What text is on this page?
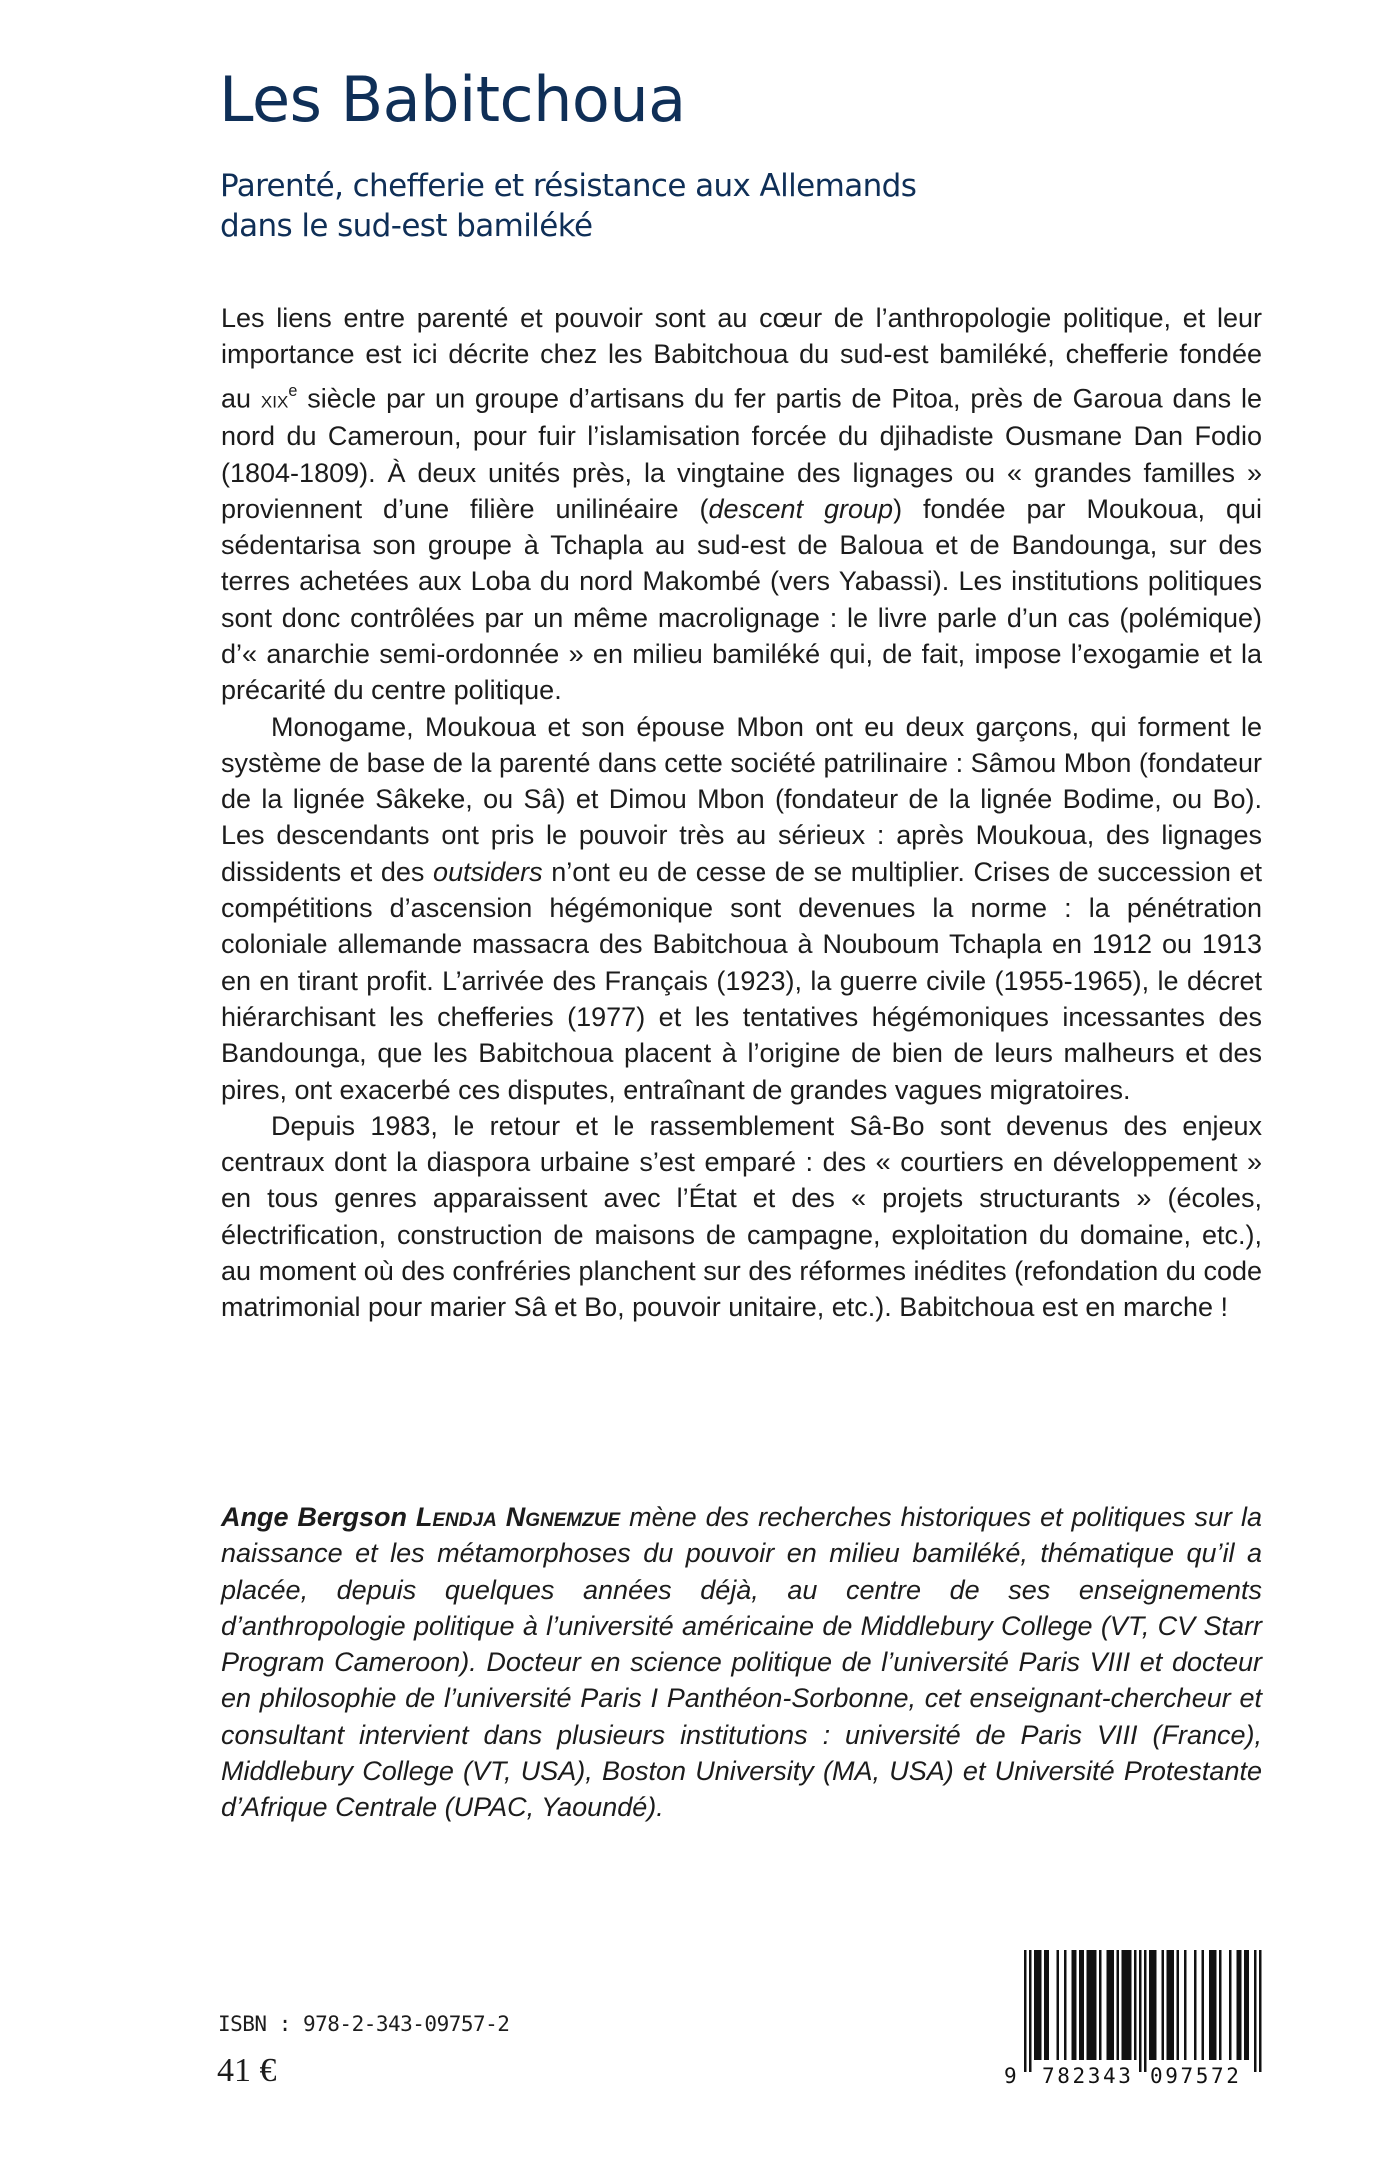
Les Babitchoua
Parenté, chefferie et résistance aux Allemands
dans le sud-est bamiléké

Les liens entre parenté et pouvoir sont au cœur de l’anthropologie politique, et leur importance est ici décrite chez les Babitchoua du sud-est bamiléké, chefferie fondée au xix$^e$ siècle par un groupe d’artisans du fer partis de Pitoa, près de Garoua dans le nord du Cameroun, pour fuir l’islamisation forcée du djihadiste Ousmane Dan Fodio (1804-1809). À deux unités près, la vingtaine des lignages ou « grandes familles » proviennent d’une filière unilinéaire (descent group) fondée par Moukoua, qui sédentarisa son groupe à Tchapla au sud-est de Baloua et de Bandounga, sur des terres achetées aux Loba du nord Makombé (vers Yabassi). Les institutions politiques sont donc contrôlées par un même macrolignage : le livre parle d’un cas (polémique) d’« anarchie semi-ordonnée » en milieu bamiléké qui, de fait, impose l’exogamie et la précarité du centre politique.

Monogame, Moukoua et son épouse Mbon ont eu deux garçons, qui forment le système de base de la parenté dans cette société patrilinaire : Sâmou Mbon (fondateur de la lignée Sâkeke, ou Sâ) et Dimou Mbon (fondateur de la lignée Bodime, ou Bo). Les descendants ont pris le pouvoir très au sérieux : après Moukoua, des lignages dissidents et des outsiders n’ont eu de cesse de se multiplier. Crises de succession et compétitions d’ascension hégémonique sont devenues la norme : la pénétration coloniale allemande massacra des Babitchoua à Nouboum Tchapla en 1912 ou 1913 en en tirant profit. L’arrivée des Français (1923), la guerre civile (1955-1965), le décret hiérarchisant les chefferies (1977) et les tentatives hégémoniques incessantes des Bandounga, que les Babitchoua placent à l’origine de bien de leurs malheurs et des pires, ont exacerbé ces disputes, entraînant de grandes vagues migratoires.

Depuis 1983, le retour et le rassemblement Sâ-Bo sont devenus des enjeux centraux dont la diaspora urbaine s’est emparé : des « courtiers en développement » en tous genres apparaissent avec l’État et des « projets structurants » (écoles, électrification, construction de maisons de campagne, exploitation du domaine, etc.), au moment où des confréries planchent sur des réformes inédites (refondation du code matrimonial pour marier Sâ et Bo, pouvoir unitaire, etc.). Babitchoua est en marche !

Ange Bergson Lendja Ngnemzue mène des recherches historiques et politiques sur la naissance et les métamorphoses du pouvoir en milieu bamiléké, thématique qu’il a placée, depuis quelques années déjà, au centre de ses enseignements d’anthropologie politique à l’université américaine de Middlebury College (VT, CV Starr Program Cameroon). Docteur en science politique de l’université Paris VIII et docteur en philosophie de l’université Paris I Panthéon-Sorbonne, cet enseignant-chercheur et consultant intervient dans plusieurs institutions : université de Paris VIII (France), Middlebury College (VT, USA), Boston University (MA, USA) et Université Protestante d’Afrique Centrale (UPAC, Yaoundé).

ISBN : 978-2-343-09757-2
41 €	9 782343 097572
